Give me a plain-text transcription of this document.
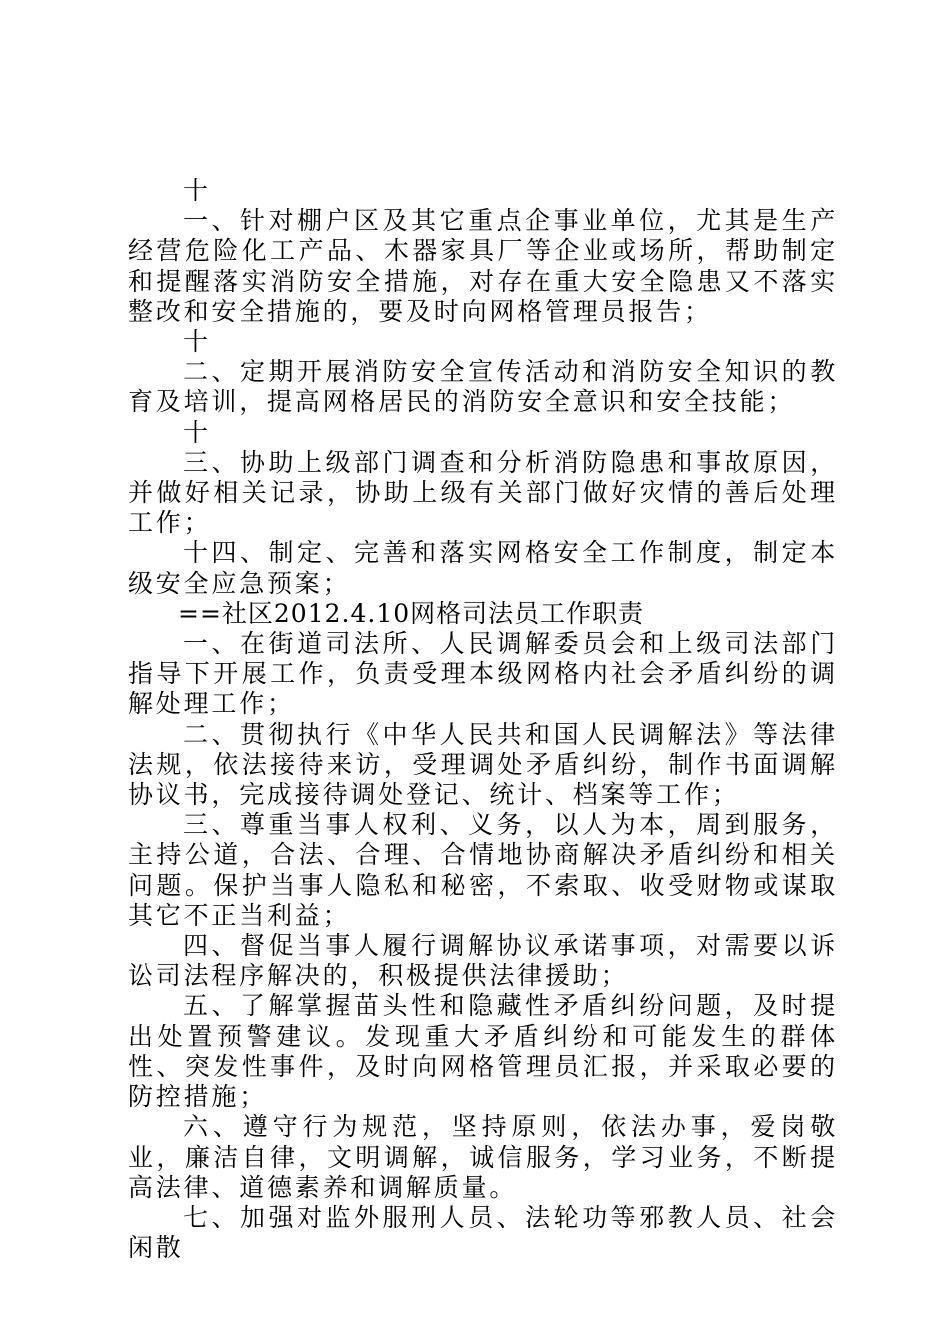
十

一、针对棚户区及其它重点企事业单位，尤其是生产经营危险化工产品、木器家具厂等企业或场所，帮助制定和提醒落实消防安全措施，对存在重大安全隐患又不落实整改和安全措施的，要及时向网格管理员报告；

十

二、定期开展消防安全宣传活动和消防安全知识的教育及培训，提高网格居民的消防安全意识和安全技能；

十

三、协助上级部门调查和分析消防隐患和事故原因，并做好相关记录，协助上级有关部门做好灾情的善后处理工作；

十四、制定、完善和落实网格安全工作制度，制定本级安全应急预案；

==社区2012.4.10网格司法员工作职责

一、在街道司法所、人民调解委员会和上级司法部门指导下开展工作，负责受理本级网格内社会矛盾纠纷的调解处理工作；

二、贯彻执行《中华人民共和国人民调解法》等法律法规，依法接待来访，受理调处矛盾纠纷，制作书面调解协议书，完成接待调处登记、统计、档案等工作；

三、尊重当事人权利、义务，以人为本，周到服务，主持公道，合法、合理、合情地协商解决矛盾纠纷和相关问题。保护当事人隐私和秘密，不索取、收受财物或谋取其它不正当利益；

四、督促当事人履行调解协议承诺事项，对需要以诉讼司法程序解决的，积极提供法律援助；

五、了解掌握苗头性和隐藏性矛盾纠纷问题，及时提出处置预警建议。发现重大矛盾纠纷和可能发生的群体性、突发性事件，及时向网格管理员汇报，并采取必要的防控措施；

六、遵守行为规范，坚持原则，依法办事，爱岗敬业，廉洁自律，文明调解，诚信服务，学习业务，不断提高法律、道德素养和调解质量。

七、加强对监外服刑人员、法轮功等邪教人员、社会闲散
